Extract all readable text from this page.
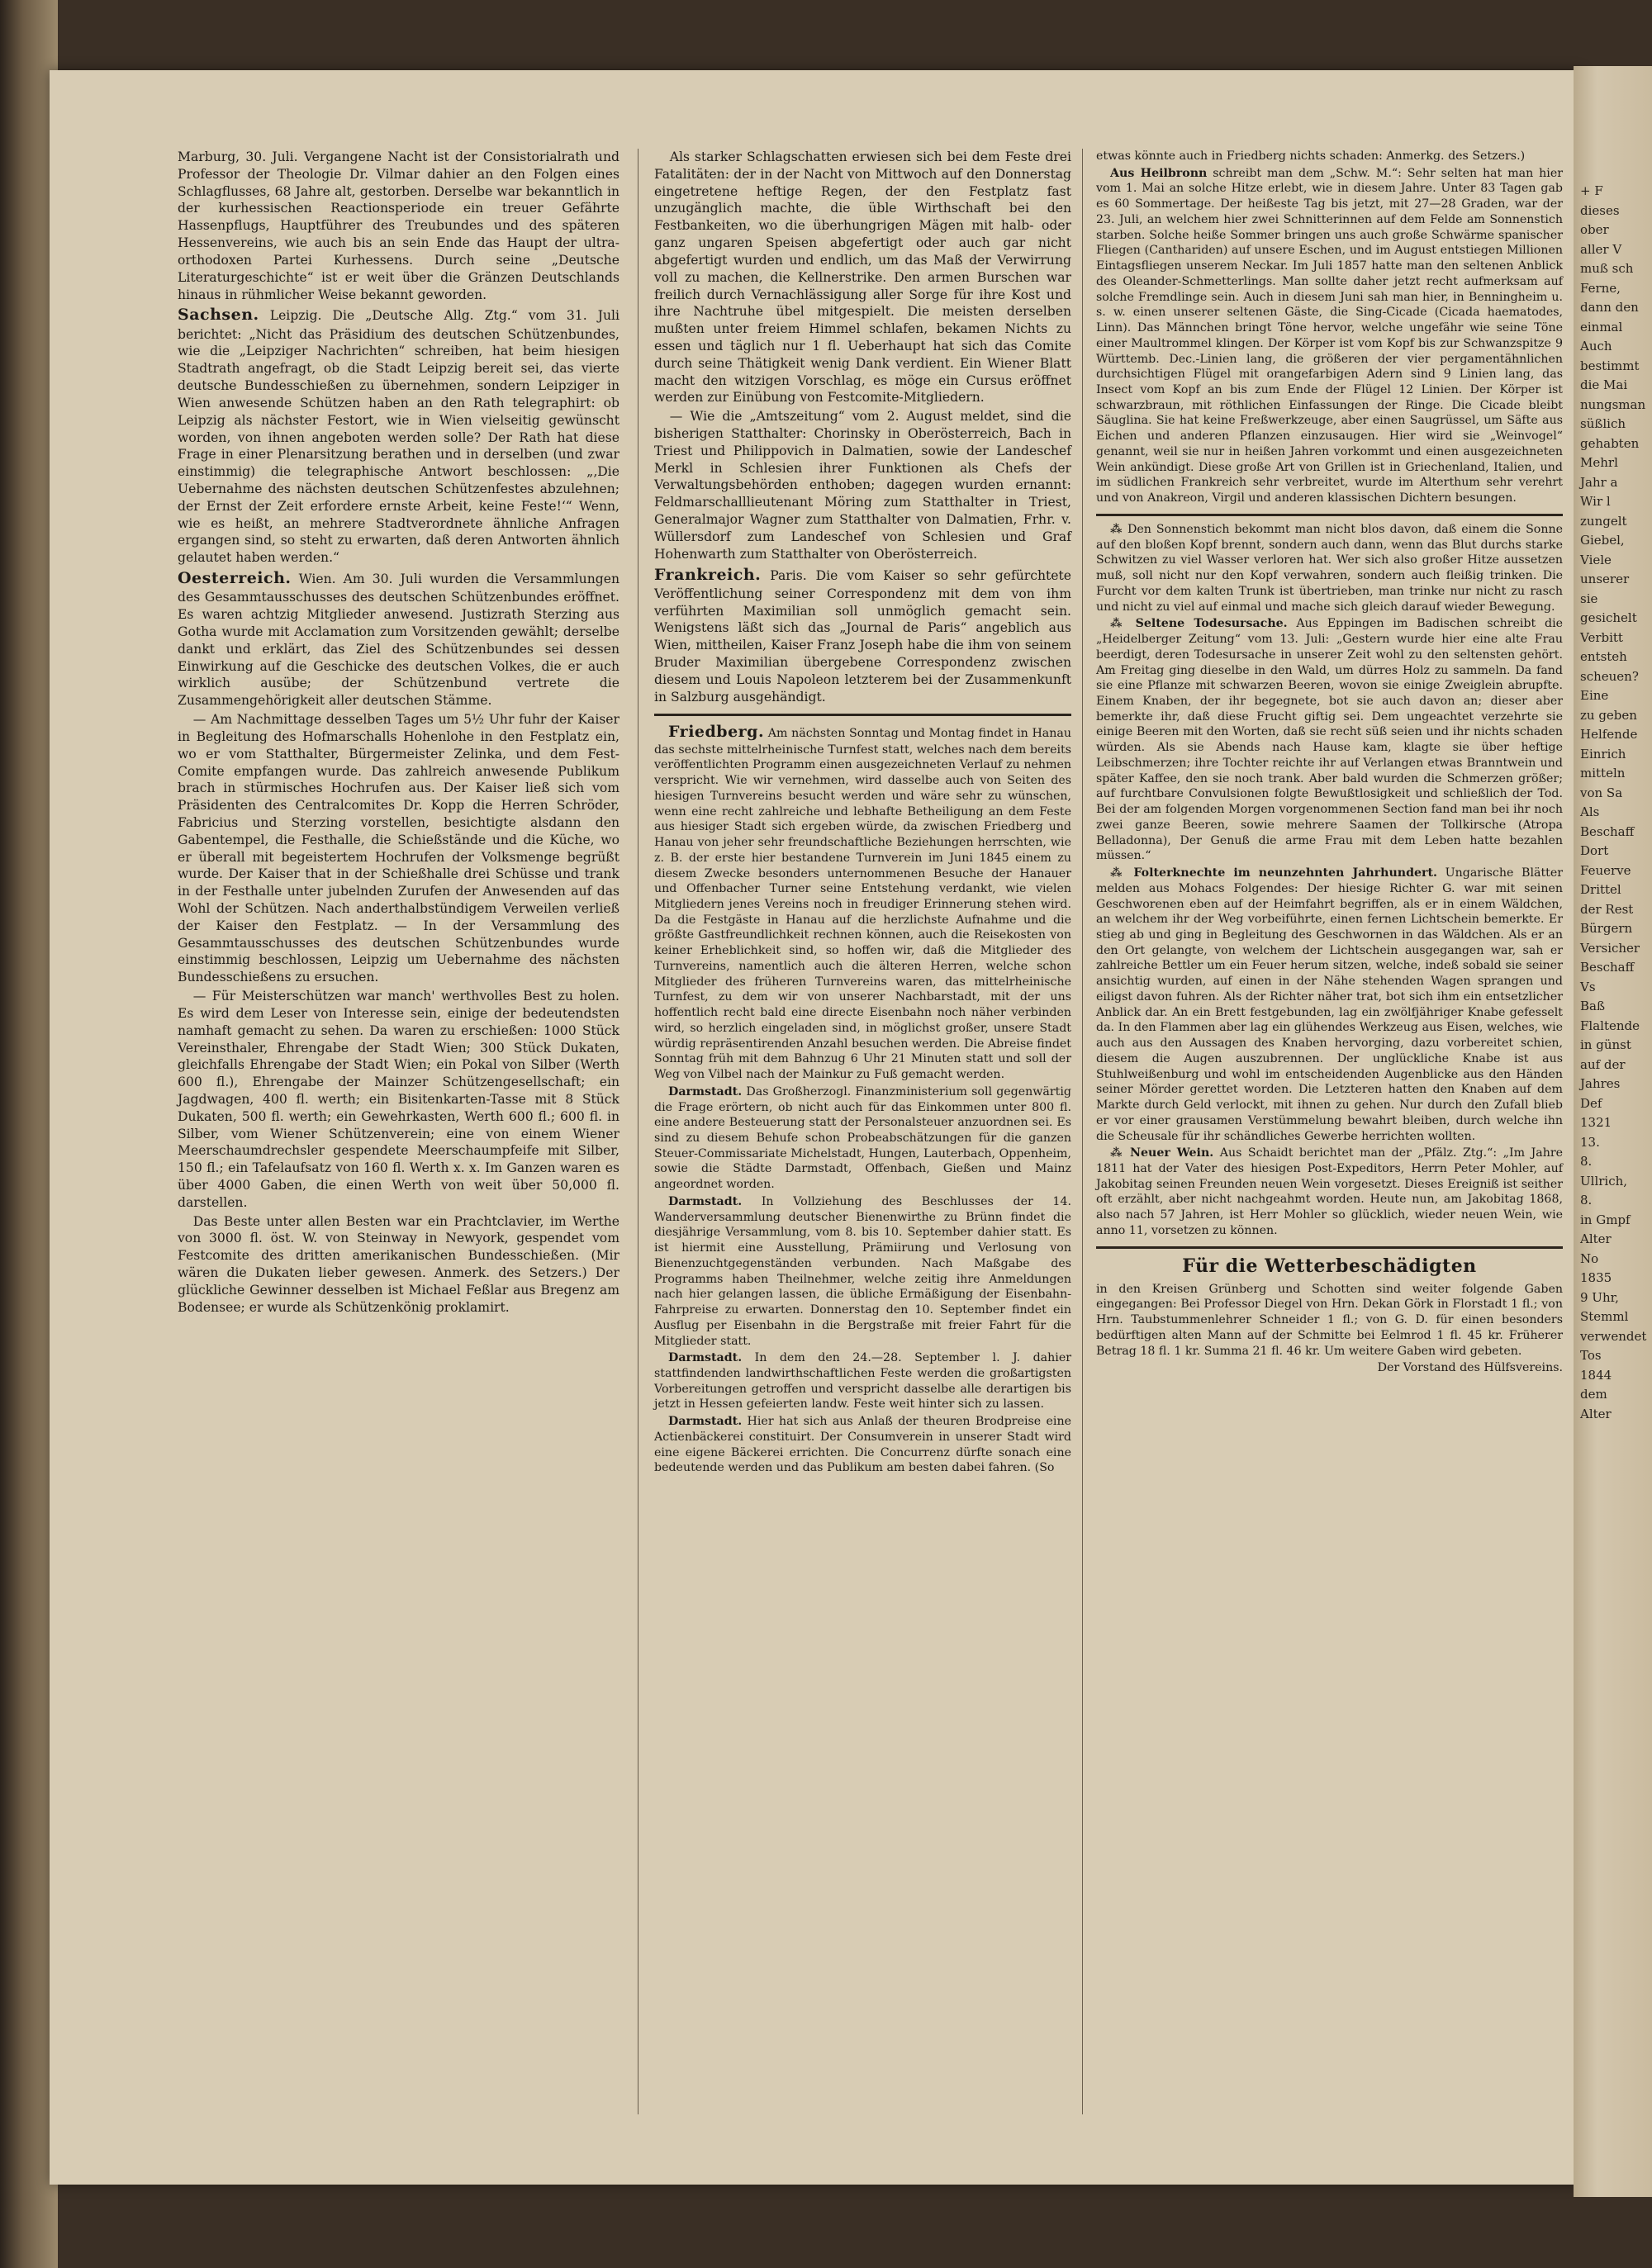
Marburg, 30. Juli. Vergangene Nacht ist der Consistorialrath und Professor der Theologie Dr. Vilmar dahier an den Folgen eines Schlagflusses, 68 Jahre alt, gestorben. Derselbe war bekanntlich in der kurhessischen Reactionsperiode ein treuer Gefährte Hassenpflugs, Hauptführer des Treubundes und des späteren Hessenvereins, wie auch bis an sein Ende das Haupt der ultra-orthodoxen Partei Kurhessens. Durch seine „Deutsche Literaturgeschichte“ ist er weit über die Gränzen Deutschlands hinaus in rühmlicher Weise bekannt geworden.

Sachsen. Leipzig. Die „Deutsche Allg. Ztg.“ vom 31. Juli berichtet: „Nicht das Präsidium des deutschen Schützenbundes, wie die „Leipziger Nachrichten“ schreiben, hat beim hiesigen Stadtrath angefragt, ob die Stadt Leipzig bereit sei, das vierte deutsche Bundesschießen zu übernehmen, sondern Leipziger in Wien anwesende Schützen haben an den Rath telegraphirt: ob Leipzig als nächster Festort, wie in Wien vielseitig gewünscht worden, von ihnen angeboten werden solle? Der Rath hat diese Frage in einer Plenarsitzung berathen und in derselben (und zwar einstimmig) die telegraphische Antwort beschlossen: „‚Die Uebernahme des nächsten deutschen Schützenfestes abzulehnen; der Ernst der Zeit erfordere ernste Arbeit, keine Feste!‘“ Wenn, wie es heißt, an mehrere Stadtverordnete ähnliche Anfragen ergangen sind, so steht zu erwarten, daß deren Antworten ähnlich gelautet haben werden.“

Oesterreich. Wien. Am 30. Juli wurden die Versammlungen des Gesammtausschusses des deutschen Schützenbundes eröffnet. Es waren achtzig Mitglieder anwesend. Justizrath Sterzing aus Gotha wurde mit Acclamation zum Vorsitzenden gewählt; derselbe dankt und erklärt, das Ziel des Schützenbundes sei dessen Einwirkung auf die Geschicke des deutschen Volkes, die er auch wirklich ausübe; der Schützenbund vertrete die Zusammengehörigkeit aller deutschen Stämme.

— Am Nachmittage desselben Tages um 5½ Uhr fuhr der Kaiser in Begleitung des Hofmarschalls Hohenlohe in den Festplatz ein, wo er vom Statthalter, Bürgermeister Zelinka, und dem Fest-Comite empfangen wurde. Das zahlreich anwesende Publikum brach in stürmisches Hochrufen aus. Der Kaiser ließ sich vom Präsidenten des Centralcomites Dr. Kopp die Herren Schröder, Fabricius und Sterzing vorstellen, besichtigte alsdann den Gabentempel, die Festhalle, die Schießstände und die Küche, wo er überall mit begeistertem Hochrufen der Volksmenge begrüßt wurde. Der Kaiser that in der Schießhalle drei Schüsse und trank in der Festhalle unter jubelnden Zurufen der Anwesenden auf das Wohl der Schützen. Nach anderthalbstündigem Verweilen verließ der Kaiser den Festplatz. — In der Versammlung des Gesammtausschusses des deutschen Schützenbundes wurde einstimmig beschlossen, Leipzig um Uebernahme des nächsten Bundesschießens zu ersuchen.

— Für Meisterschützen war manch' werthvolles Best zu holen. Es wird dem Leser von Interesse sein, einige der bedeutendsten namhaft gemacht zu sehen. Da waren zu erschießen: 1000 Stück Vereinsthaler, Ehrengabe der Stadt Wien; 300 Stück Dukaten, gleichfalls Ehrengabe der Stadt Wien; ein Pokal von Silber (Werth 600 fl.), Ehrengabe der Mainzer Schützengesellschaft; ein Jagdwagen, 400 fl. werth; ein Bisitenkarten-Tasse mit 8 Stück Dukaten, 500 fl. werth; ein Gewehrkasten, Werth 600 fl.; 600 fl. in Silber, vom Wiener Schützenverein; eine von einem Wiener Meerschaumdrechsler gespendete Meerschaumpfeife mit Silber, 150 fl.; ein Tafelaufsatz von 160 fl. Werth x. x. Im Ganzen waren es über 4000 Gaben, die einen Werth von weit über 50,000 fl. darstellen.

Das Beste unter allen Besten war ein Prachtclavier, im Werthe von 3000 fl. öst. W. von Steinway in Newyork, gespendet vom Festcomite des dritten amerikanischen Bundesschießen. (Mir wären die Dukaten lieber gewesen. Anmerk. des Setzers.) Der glückliche Gewinner desselben ist Michael Feßlar aus Bregenz am Bodensee; er wurde als Schützenkönig proklamirt.

Als starker Schlagschatten erwiesen sich bei dem Feste drei Fatalitäten: der in der Nacht von Mittwoch auf den Donnerstag eingetretene heftige Regen, der den Festplatz fast unzugänglich machte, die üble Wirthschaft bei den Festbankeiten, wo die überhungrigen Mägen mit halb- oder ganz ungaren Speisen abgefertigt oder auch gar nicht abgefertigt wurden und endlich, um das Maß der Verwirrung voll zu machen, die Kellnerstrike. Den armen Burschen war freilich durch Vernachlässigung aller Sorge für ihre Kost und ihre Nachtruhe übel mitgespielt. Die meisten derselben mußten unter freiem Himmel schlafen, bekamen Nichts zu essen und täglich nur 1 fl. Ueberhaupt hat sich das Comite durch seine Thätigkeit wenig Dank verdient. Ein Wiener Blatt macht den witzigen Vorschlag, es möge ein Cursus eröffnet werden zur Einübung von Festcomite-Mitgliedern.

— Wie die „Amtszeitung“ vom 2. August meldet, sind die bisherigen Statthalter: Chorinsky in Oberösterreich, Bach in Triest und Philippovich in Dalmatien, sowie der Landeschef Merkl in Schlesien ihrer Funktionen als Chefs der Verwaltungsbehörden enthoben; dagegen wurden ernannt: Feldmarschalllieutenant Möring zum Statthalter in Triest, Generalmajor Wagner zum Statthalter von Dalmatien, Frhr. v. Wüllersdorf zum Landeschef von Schlesien und Graf Hohenwarth zum Statthalter von Oberösterreich.

Frankreich. Paris. Die vom Kaiser so sehr gefürchtete Veröffentlichung seiner Correspondenz mit dem von ihm verführten Maximilian soll unmöglich gemacht sein. Wenigstens läßt sich das „Journal de Paris“ angeblich aus Wien, mittheilen, Kaiser Franz Joseph habe die ihm von seinem Bruder Maximilian übergebene Correspondenz zwischen diesem und Louis Napoleon letzterem bei der Zusammenkunft in Salzburg ausgehändigt.

Friedberg. Am nächsten Sonntag und Montag findet in Hanau das sechste mittelrheinische Turnfest statt, welches nach dem bereits veröffentlichten Programm einen ausgezeichneten Verlauf zu nehmen verspricht. Wie wir vernehmen, wird dasselbe auch von Seiten des hiesigen Turnvereins besucht werden und wäre sehr zu wünschen, wenn eine recht zahlreiche und lebhafte Betheiligung an dem Feste aus hiesiger Stadt sich ergeben würde, da zwischen Friedberg und Hanau von jeher sehr freundschaftliche Beziehungen herrschten, wie z. B. der erste hier bestandene Turnverein im Juni 1845 einem zu diesem Zwecke besonders unternommenen Besuche der Hanauer und Offenbacher Turner seine Entstehung verdankt, wie vielen Mitgliedern jenes Vereins noch in freudiger Erinnerung stehen wird. Da die Festgäste in Hanau auf die herzlichste Aufnahme und die größte Gastfreundlichkeit rechnen können, auch die Reisekosten von keiner Erheblichkeit sind, so hoffen wir, daß die Mitglieder des Turnvereins, namentlich auch die älteren Herren, welche schon Mitglieder des früheren Turnvereins waren, das mittelrheinische Turnfest, zu dem wir von unserer Nachbarstadt, mit der uns hoffentlich recht bald eine directe Eisenbahn noch näher verbinden wird, so herzlich eingeladen sind, in möglichst großer, unsere Stadt würdig repräsentirenden Anzahl besuchen werden. Die Abreise findet Sonntag früh mit dem Bahnzug 6 Uhr 21 Minuten statt und soll der Weg von Vilbel nach der Mainkur zu Fuß gemacht werden.

Darmstadt. Das Großherzogl. Finanzministerium soll gegenwärtig die Frage erörtern, ob nicht auch für das Einkommen unter 800 fl. eine andere Besteuerung statt der Personalsteuer anzuordnen sei. Es sind zu diesem Behufe schon Probeabschätzungen für die ganzen Steuer-Commissariate Michelstadt, Hungen, Lauterbach, Oppenheim, sowie die Städte Darmstadt, Offenbach, Gießen und Mainz angeordnet worden.

Darmstadt. In Vollziehung des Beschlusses der 14. Wanderversammlung deutscher Bienenwirthe zu Brünn findet die diesjährige Versammlung, vom 8. bis 10. September dahier statt. Es ist hiermit eine Ausstellung, Prämiirung und Verlosung von Bienenzuchtgegenständen verbunden. Nach Maßgabe des Programms haben Theilnehmer, welche zeitig ihre Anmeldungen nach hier gelangen lassen, die übliche Ermäßigung der Eisenbahn-Fahrpreise zu erwarten. Donnerstag den 10. September findet ein Ausflug per Eisenbahn in die Bergstraße mit freier Fahrt für die Mitglieder statt.

Darmstadt. In dem den 24.—28. September l. J. dahier stattfindenden landwirthschaftlichen Feste werden die großartigsten Vorbereitungen getroffen und verspricht dasselbe alle derartigen bis jetzt in Hessen gefeierten landw. Feste weit hinter sich zu lassen.

Darmstadt. Hier hat sich aus Anlaß der theuren Brodpreise eine Actienbäckerei constituirt. Der Consumverein in unserer Stadt wird eine eigene Bäckerei errichten. Die Concurrenz dürfte sonach eine bedeutende werden und das Publikum am besten dabei fahren. (So

etwas könnte auch in Friedberg nichts schaden: Anmerkg. des Setzers.)

Aus Heilbronn schreibt man dem „Schw. M.“: Sehr selten hat man hier vom 1. Mai an solche Hitze erlebt, wie in diesem Jahre. Unter 83 Tagen gab es 60 Sommertage. Der heißeste Tag bis jetzt, mit 27—28 Graden, war der 23. Juli, an welchem hier zwei Schnitterinnen auf dem Felde am Sonnenstich starben. Solche heiße Sommer bringen uns auch große Schwärme spanischer Fliegen (Canthariden) auf unsere Eschen, und im August entstiegen Millionen Eintagsfliegen unserem Neckar. Im Juli 1857 hatte man den seltenen Anblick des Oleander-Schmetterlings. Man sollte daher jetzt recht aufmerksam auf solche Fremdlinge sein. Auch in diesem Juni sah man hier, in Benningheim u. s. w. einen unserer seltenen Gäste, die Sing-Cicade (Cicada haematodes, Linn). Das Männchen bringt Töne hervor, welche ungefähr wie seine Töne einer Maultrommel klingen. Der Körper ist vom Kopf bis zur Schwanzspitze 9 Württemb. Dec.-Linien lang, die größeren der vier pergamentähnlichen durchsichtigen Flügel mit orangefarbigen Adern sind 9 Linien lang, das Insect vom Kopf an bis zum Ende der Flügel 12 Linien. Der Körper ist schwarzbraun, mit röthlichen Einfassungen der Ringe. Die Cicade bleibt Säuglinа. Sie hat keine Freßwerkzeuge, aber einen Saugrüssel, um Säfte aus Eichen und anderen Pflanzen einzusaugen. Hier wird sie „Weinvogel“ genannt, weil sie nur in heißen Jahren vorkommt und einen ausgezeichneten Wein ankündigt. Diese große Art von Grillen ist in Griechenland, Italien, und im südlichen Frankreich sehr verbreitet, wurde im Alterthum sehr verehrt und von Anakreon, Virgil und anderen klassischen Dichtern besungen.

⁂ Den Sonnenstich bekommt man nicht blos davon, daß einem die Sonne auf den bloßen Kopf brennt, sondern auch dann, wenn das Blut durchs starke Schwitzen zu viel Wasser verloren hat. Wer sich also großer Hitze aussetzen muß, soll nicht nur den Kopf verwahren, sondern auch fleißig trinken. Die Furcht vor dem kalten Trunk ist übertrieben, man trinke nur nicht zu rasch und nicht zu viel auf einmal und mache sich gleich darauf wieder Bewegung.

⁂ Seltene Todesursache. Aus Eppingen im Badischen schreibt die „Heidelberger Zeitung“ vom 13. Juli: „Gestern wurde hier eine alte Frau beerdigt, deren Todesursache in unserer Zeit wohl zu den seltensten gehört. Am Freitag ging dieselbe in den Wald, um dürres Holz zu sammeln. Da fand sie eine Pflanze mit schwarzen Beeren, wovon sie einige Zweiglein abrupfte. Einem Knaben, der ihr begegnete, bot sie auch davon an; dieser aber bemerkte ihr, daß diese Frucht giftig sei. Dem ungeachtet verzehrte sie einige Beeren mit den Worten, daß sie recht süß seien und ihr nichts schaden würden. Als sie Abends nach Hause kam, klagte sie über heftige Leibschmerzen; ihre Tochter reichte ihr auf Verlangen etwas Branntwein und später Kaffee, den sie noch trank. Aber bald wurden die Schmerzen größer; auf furchtbare Convulsionen folgte Bewußtlosigkeit und schließlich der Tod. Bei der am folgenden Morgen vorgenommenen Section fand man bei ihr noch zwei ganze Beeren, sowie mehrere Saamen der Tollkirsche (Atropa Belladonna), Der Genuß die arme Frau mit dem Leben hatte bezahlen müssen.“

⁂ Folterknechte im neunzehnten Jahrhundert. Ungarische Blätter melden aus Mohacs Folgendes: Der hiesige Richter G. war mit seinen Geschworenen eben auf der Heimfahrt begriffen, als er in einem Wäldchen, an welchem ihr der Weg vorbeiführte, einen fernen Lichtschein bemerkte. Er stieg ab und ging in Begleitung des Geschwornen in das Wäldchen. Als er an den Ort gelangte, von welchem der Lichtschein ausgegangen war, sah er zahlreiche Bettler um ein Feuer herum sitzen, welche, indeß sobald sie seiner ansichtig wurden, auf einen in der Nähe stehenden Wagen sprangen und eiligst davon fuhren. Als der Richter näher trat, bot sich ihm ein entsetzlicher Anblick dar. An ein Brett festgebunden, lag ein zwölfjähriger Knabe gefesselt da. In den Flammen aber lag ein glühendes Werkzeug aus Eisen, welches, wie auch aus den Aussagen des Knaben hervorging, dazu vorbereitet schien, diesem die Augen auszubrennen. Der unglückliche Knabe ist aus Stuhlweißenburg und wohl im entscheidenden Augenblicke aus den Händen seiner Mörder gerettet worden. Die Letzteren hatten den Knaben auf dem Markte durch Geld verlockt, mit ihnen zu gehen. Nur durch den Zufall blieb er vor einer grausamen Verstümmelung bewahrt bleiben, durch welche ihn die Scheusale für ihr schändliches Gewerbe herrichten wollten.

⁂ Neuer Wein. Aus Schaidt berichtet man der „Pfälz. Ztg.“: „Im Jahre 1811 hat der Vater des hiesigen Post-Expeditors, Herrn Peter Mohler, auf Jakobitag seinen Freunden neuen Wein vorgesetzt. Dieses Ereigniß ist seither oft erzählt, aber nicht nachgeahmt worden. Heute nun, am Jakobitag 1868, also nach 57 Jahren, ist Herr Mohler so glücklich, wieder neuen Wein, wie anno 11, vorsetzen zu können.

Für die Wetterbeschädigten

in den Kreisen Grünberg und Schotten sind weiter folgende Gaben eingegangen: Bei Professor Diegel von Hrn. Dekan Görk in Florstadt 1 fl.; von Hrn. Taubstummenlehrer Schneider 1 fl.; von G. D. für einen besonders bedürftigen alten Mann auf der Schmitte bei Eelmrod 1 fl. 45 kr. Früherer Betrag 18 fl. 1 kr. Summa 21 fl. 46 kr. Um weitere Gaben wird gebeten.

Der Vorstand des Hülfsvereins.

+ F
dieses
ober
aller V
muß sch
Ferne,
dann den
einmal
Auch
bestimmt
die Mai
nungsman
süßlich
gehabten
Mehrl
Jahr a
Wir l
zungelt
Giebel,
Viele
unserer
sie
gesichelt
Verbitt
entsteh
scheuen?
Eine
zu geben
Helfende
Einrich
mitteln
von Sa
Als
Beschaff
Dort
Feuerve
Drittel
der Rest
Bürgern
Versicher
Beschaff
Vs
Baß
Flaltende
in günst
auf der
Jahres
Def
1321
13.
8.
Ullrich,
8.
in Gmpf
Alter
No
1835
9 Uhr,
Stemml
verwendet
Tos
1844
dem
Alter
